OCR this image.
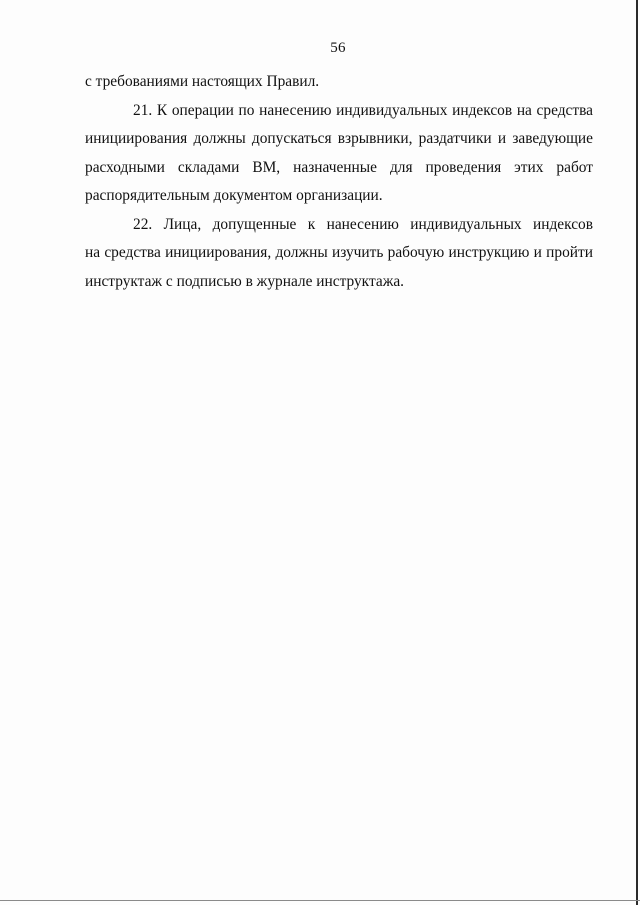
56
с требованиями настоящих Правил.
21. К операции по нанесению индивидуальных индексов на средства
инициирования должны допускаться взрывники, раздатчики и заведующие
расходными складами ВМ, назначенные для проведения этих работ
распорядительным документом организации.
22. Лица, допущенные к нанесению индивидуальных индексов
на средства инициирования, должны изучить рабочую инструкцию и пройти
инструктаж с подписью в журнале инструктажа.
